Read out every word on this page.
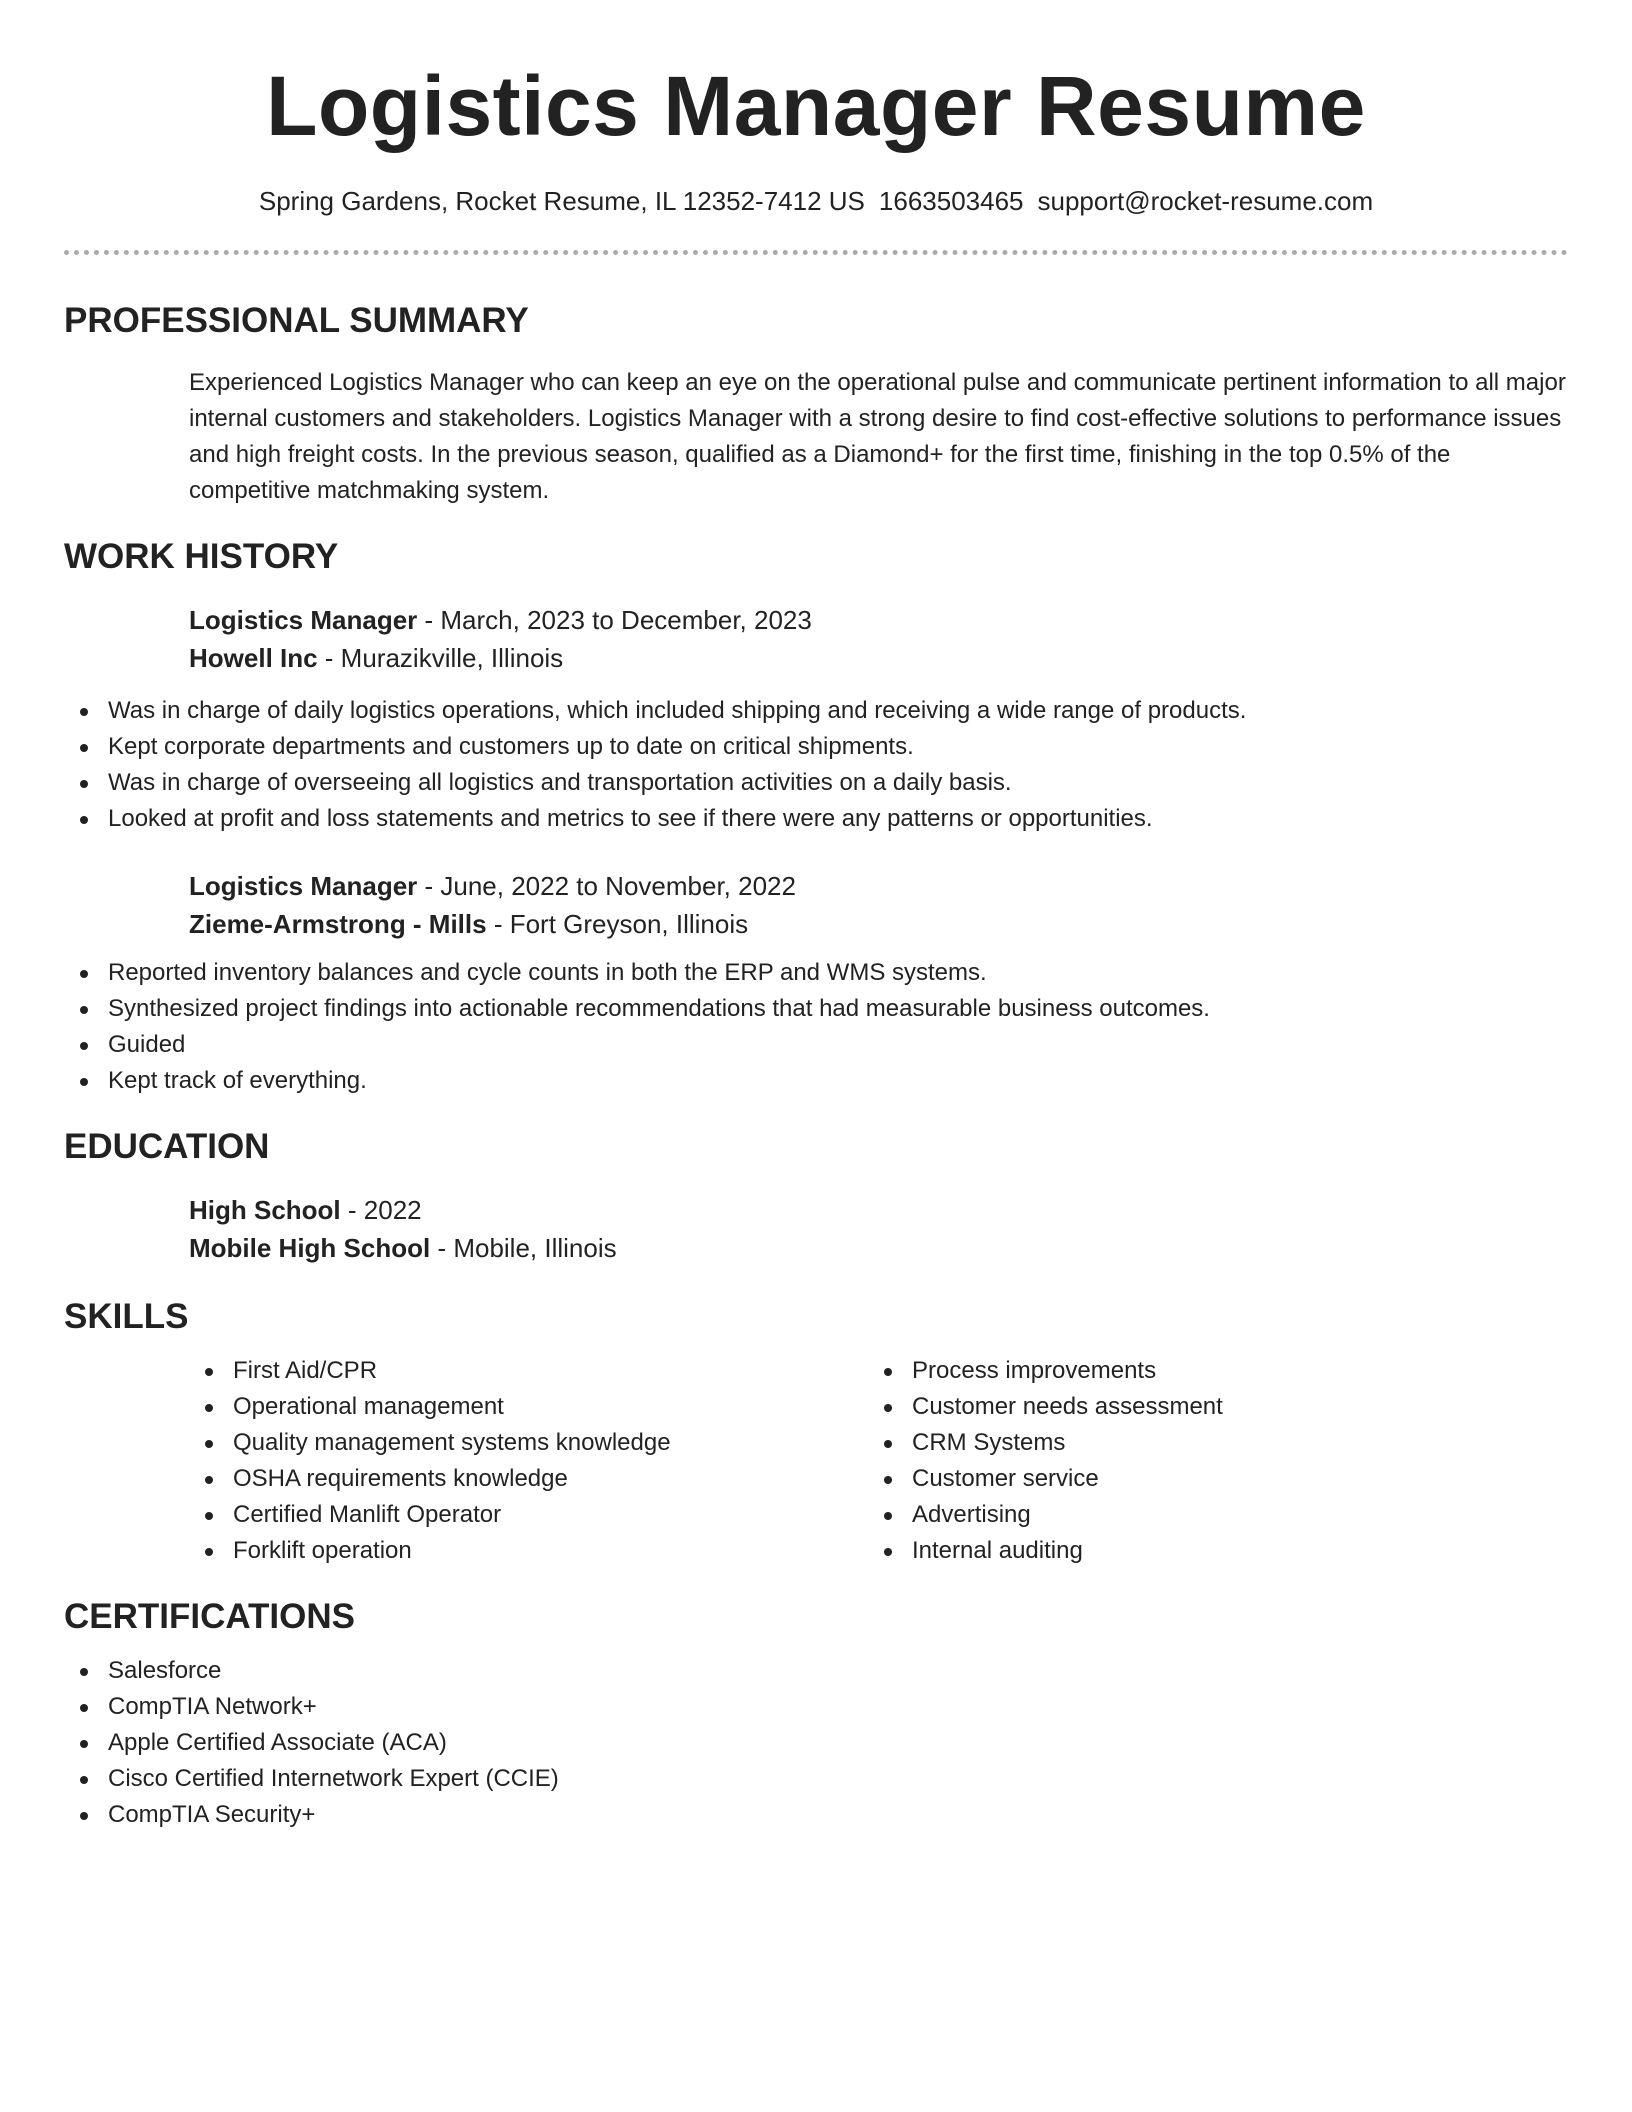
Logistics Manager Resume
Spring Gardens, Rocket Resume, IL 12352-7412 US 1663503465 support@rocket-resume.com
PROFESSIONAL SUMMARY

Experienced Logistics Manager who can keep an eye on the operational pulse and communicate pertinent information to all major internal customers and stakeholders. Logistics Manager with a strong desire to find cost-effective solutions to performance issues and high freight costs. In the previous season, qualified as a Diamond+ for the first time, finishing in the top 0.5% of the competitive matchmaking system.

WORK HISTORY
Logistics Manager - March, 2023 to December, 2023
Howell Inc - Murazikville, Illinois
Was in charge of daily logistics operations, which included shipping and receiving a wide range of products.
Kept corporate departments and customers up to date on critical shipments.
Was in charge of overseeing all logistics and transportation activities on a daily basis.
Looked at profit and loss statements and metrics to see if there were any patterns or opportunities.
Logistics Manager - June, 2022 to November, 2022
Zieme-Armstrong - Mills - Fort Greyson, Illinois
Reported inventory balances and cycle counts in both the ERP and WMS systems.
Synthesized project findings into actionable recommendations that had measurable business outcomes.
Guided
Kept track of everything.
EDUCATION
High School - 2022
Mobile High School - Mobile, Illinois
SKILLS
First Aid/CPR
Operational management
Quality management systems knowledge
OSHA requirements knowledge
Certified Manlift Operator
Forklift operation
Process improvements
Customer needs assessment
CRM Systems
Customer service
Advertising
Internal auditing
CERTIFICATIONS
Salesforce
CompTIA Network+
Apple Certified Associate (ACA)
Cisco Certified Internetwork Expert (CCIE)
CompTIA Security+
